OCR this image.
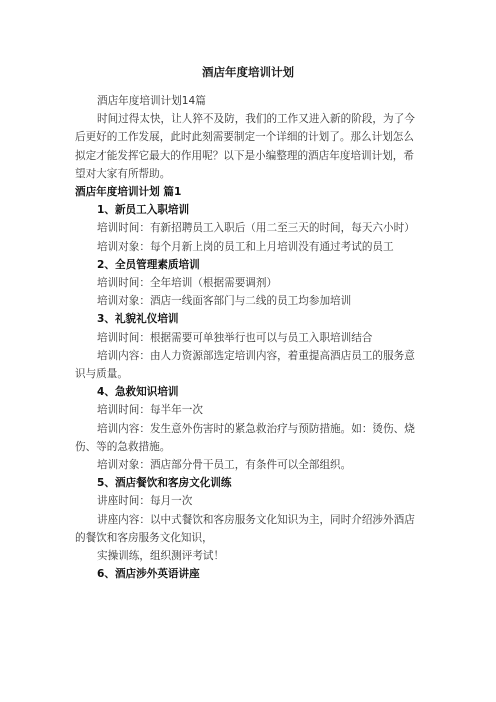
酒店年度培训计划

酒店年度培训计划14篇

时间过得太快，让人猝不及防，我们的工作又进入新的阶段，为了今后更好的工作发展，此时此刻需要制定一个详细的计划了。那么计划怎么拟定才能发挥它最大的作用呢？以下是小编整理的酒店年度培训计划，希望对大家有所帮助。

酒店年度培训计划 篇1

1、新员工入职培训

培训时间：有新招聘员工入职后（用二至三天的时间，每天六小时）

培训对象：每个月新上岗的员工和上月培训没有通过考试的员工

2、全员管理素质培训

培训时间：全年培训（根据需要调剂）

培训对象：酒店一线面客部门与二线的员工均参加培训

3、礼貌礼仪培训

培训时间：根据需要可单独举行也可以与员工入职培训结合

培训内容：由人力资源部选定培训内容，着重提高酒店员工的服务意识与质量。

4、急救知识培训

培训时间：每半年一次

培训内容：发生意外伤害时的紧急救治疗与预防措施。如：烫伤、烧伤、等的急救措施。

培训对象：酒店部分骨干员工，有条件可以全部组织。

5、酒店餐饮和客房文化训练

讲座时间：每月一次

讲座内容：以中式餐饮和客房服务文化知识为主，同时介绍涉外酒店的餐饮和客房服务文化知识，

实操训练，组织测评考试！

6、酒店涉外英语讲座
